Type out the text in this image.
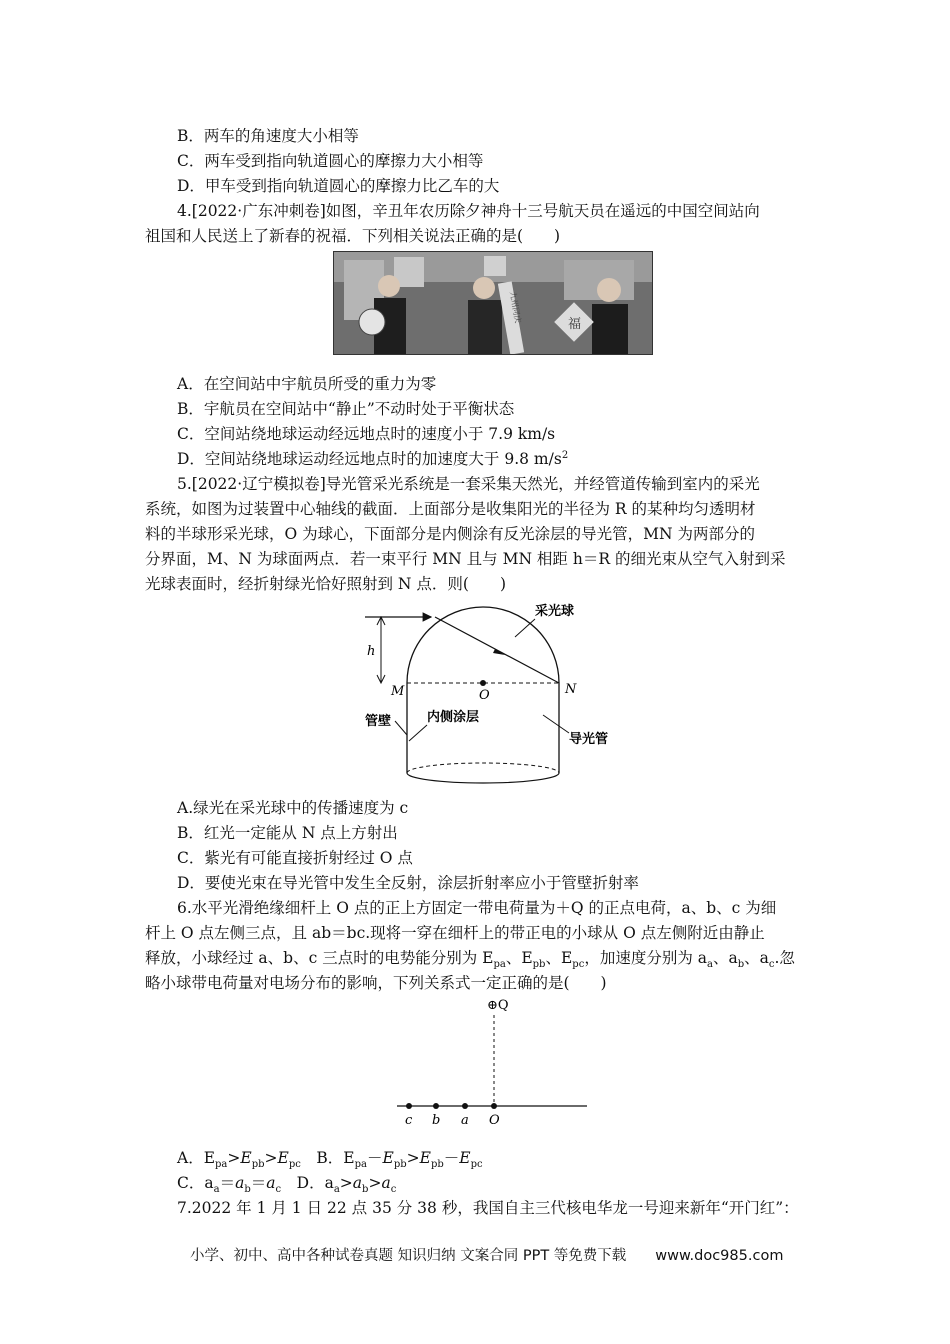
B．两车的角速度大小相等
C．两车受到指向轨道圆心的摩擦力大小相等
D．甲车受到指向轨道圆心的摩擦力比乙车的大
4.[2022·广东冲刺卷]如图，辛丑年农历除夕神舟十三号航天员在遥远的中国空间站向
祖国和人民送上了新春的祝福．下列相关说法正确的是(　　)
福
九州同庆
A．在空间站中宇航员所受的重力为零
B．宇航员在空间站中“静止”不动时处于平衡状态
C．空间站绕地球运动经远地点时的速度小于 7.9 km/s
D．空间站绕地球运动经远地点时的加速度大于 9.8 $m/s^2$
5.[2022·辽宁模拟卷]导光管采光系统是一套采集天然光，并经管道传输到室内的采光
系统，如图为过装置中心轴线的截面．上面部分是收集阳光的半径为 R 的某种均匀透明材
料的半球形采光球，O 为球心，下面部分是内侧涂有反光涂层的导光管，MN 为两部分的
分界面，M、N 为球面两点．若一束平行 MN 且与 MN 相距 h＝R 的细光束从空气入射到采
光球表面时，经折射绿光恰好照射到 N 点．则(　　)
h
采光球
M	O	N
管壁	内侧涂层
导光管
A.绿光在采光球中的传播速度为 c
B．红光一定能从 N 点上方射出
C．紫光有可能直接折射经过 O 点
D．要使光束在导光管中发生全反射，涂层折射率应小于管壁折射率
6.水平光滑绝缘细杆上 O 点的正上方固定一带电荷量为＋Q 的正点电荷，a、b、c 为细
杆上 O 点左侧三点，且 ab＝bc.现将一穿在细杆上的带正电的小球从 O 点左侧附近由静止
释放，小球经过 a、b、c 三点时的电势能分别为 $E_{pa}$、$E_{pb}$、$E_{pc}$，加速度分别为 $a_a$、$a_b$、$a_c$.忽
略小球带电荷量对电场分布的影响，下列关系式一定正确的是(　　)
⊕Q
c b a O
A．$E_{pa}>E_{pb}>E_{pc}$　 B．$E_{pa}-E_{pb}>E_{pb}-E_{pc}$
C．$a_a=a_b=a_c$　 D．$a_a>a_b>a_c$
7.2022 年 1 月 1 日 22 点 35 分 38 秒，我国自主三代核电华龙一号迎来新年“开门红”：
小学、初中、高中各种试卷真题 知识归纳 文案合同 PPT 等免费下载　　 www.doc985.com
